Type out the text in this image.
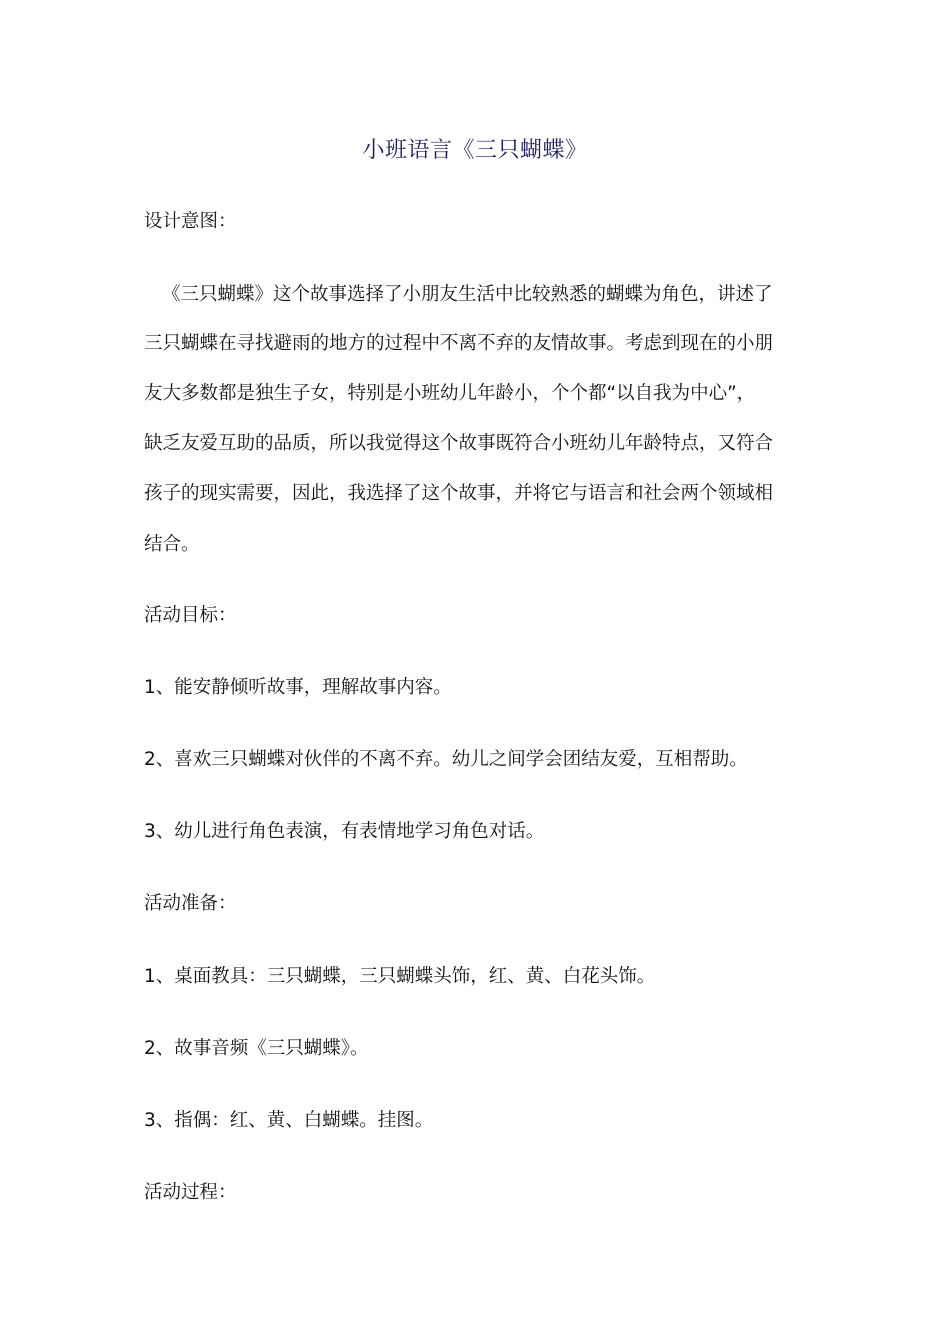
小班语言《三只蝴蝶》
设计意图：
《三只蝴蝶》这个故事选择了小朋友生活中比较熟悉的蝴蝶为角色，讲述了
三只蝴蝶在寻找避雨的地方的过程中不离不弃的友情故事。考虑到现在的小朋
友大多数都是独生子女，特别是小班幼儿年龄小，个个都“以自我为中心”，
缺乏友爱互助的品质，所以我觉得这个故事既符合小班幼儿年龄特点，又符合
孩子的现实需要，因此，我选择了这个故事，并将它与语言和社会两个领域相
结合。
活动目标：
1、能安静倾听故事，理解故事内容。
2、喜欢三只蝴蝶对伙伴的不离不弃。幼儿之间学会团结友爱，互相帮助。
3、幼儿进行角色表演，有表情地学习角色对话。
活动准备：
1、桌面教具：三只蝴蝶，三只蝴蝶头饰，红、黄、白花头饰。
2、故事音频《三只蝴蝶》。
3、指偶：红、黄、白蝴蝶。挂图。
活动过程：
